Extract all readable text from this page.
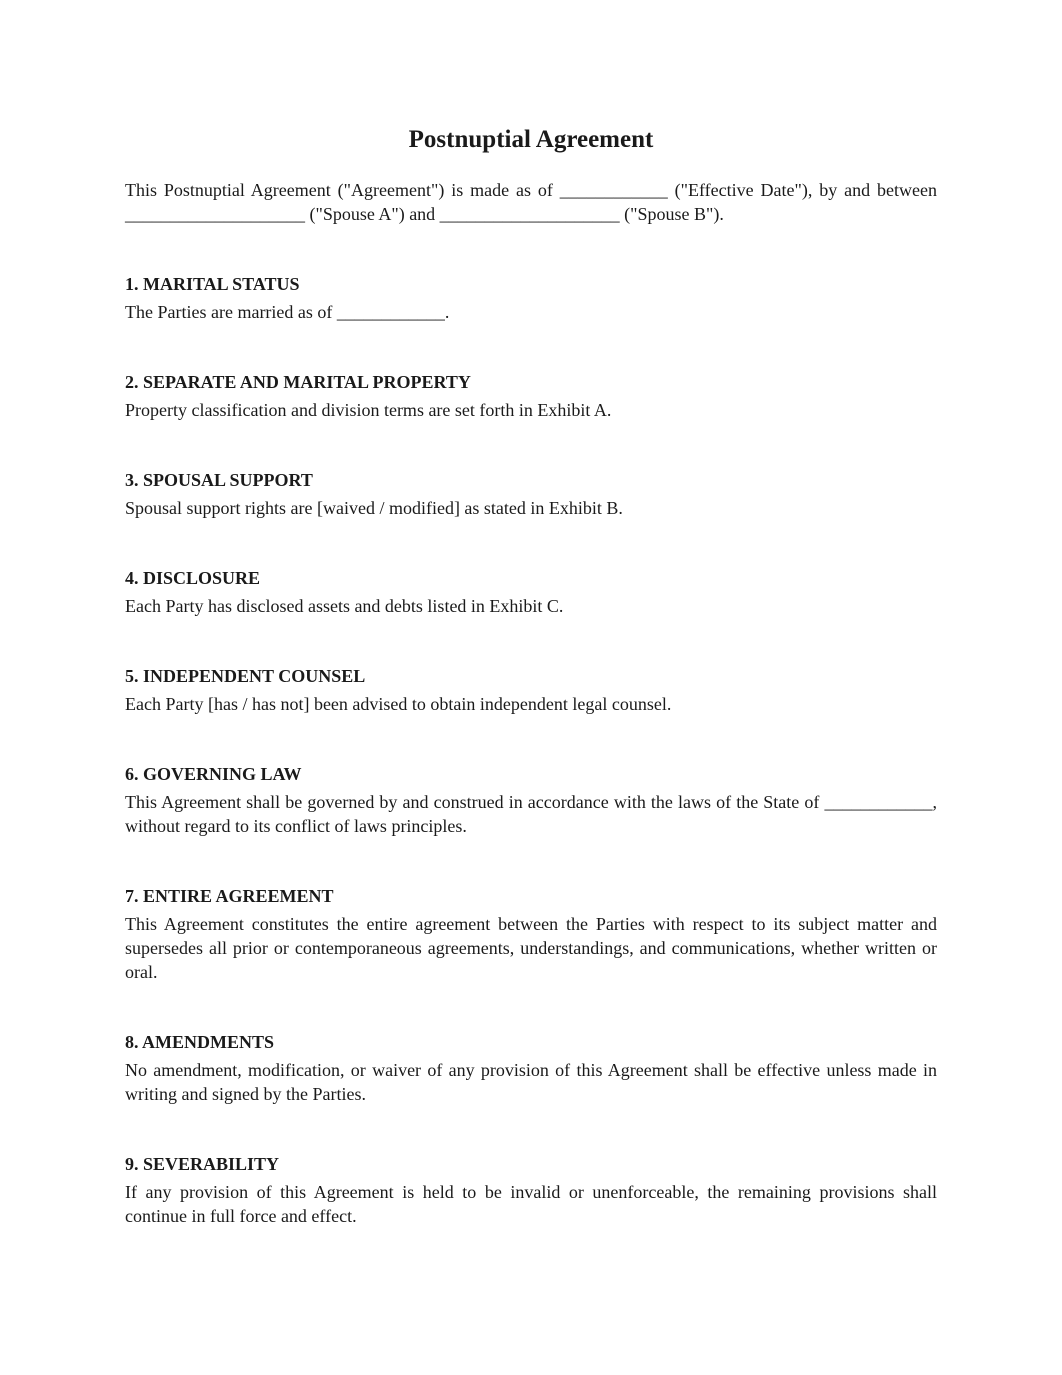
Postnuptial Agreement

This Postnuptial Agreement ("Agreement") is made as of ____________ ("Effective Date"), by and between ____________________ ("Spouse A") and ____________________ ("Spouse B").

1. MARITAL STATUS

The Parties are married as of ____________.

2. SEPARATE AND MARITAL PROPERTY

Property classification and division terms are set forth in Exhibit A.

3. SPOUSAL SUPPORT

Spousal support rights are [waived / modified] as stated in Exhibit B.

4. DISCLOSURE

Each Party has disclosed assets and debts listed in Exhibit C.

5. INDEPENDENT COUNSEL

Each Party [has / has not] been advised to obtain independent legal counsel.

6. GOVERNING LAW

This Agreement shall be governed by and construed in accordance with the laws of the State of ____________, without regard to its conflict of laws principles.

7. ENTIRE AGREEMENT

This Agreement constitutes the entire agreement between the Parties with respect to its subject matter and supersedes all prior or contemporaneous agreements, understandings, and communications, whether written or oral.

8. AMENDMENTS

No amendment, modification, or waiver of any provision of this Agreement shall be effective unless made in writing and signed by the Parties.

9. SEVERABILITY

If any provision of this Agreement is held to be invalid or unenforceable, the remaining provisions shall continue in full force and effect.
